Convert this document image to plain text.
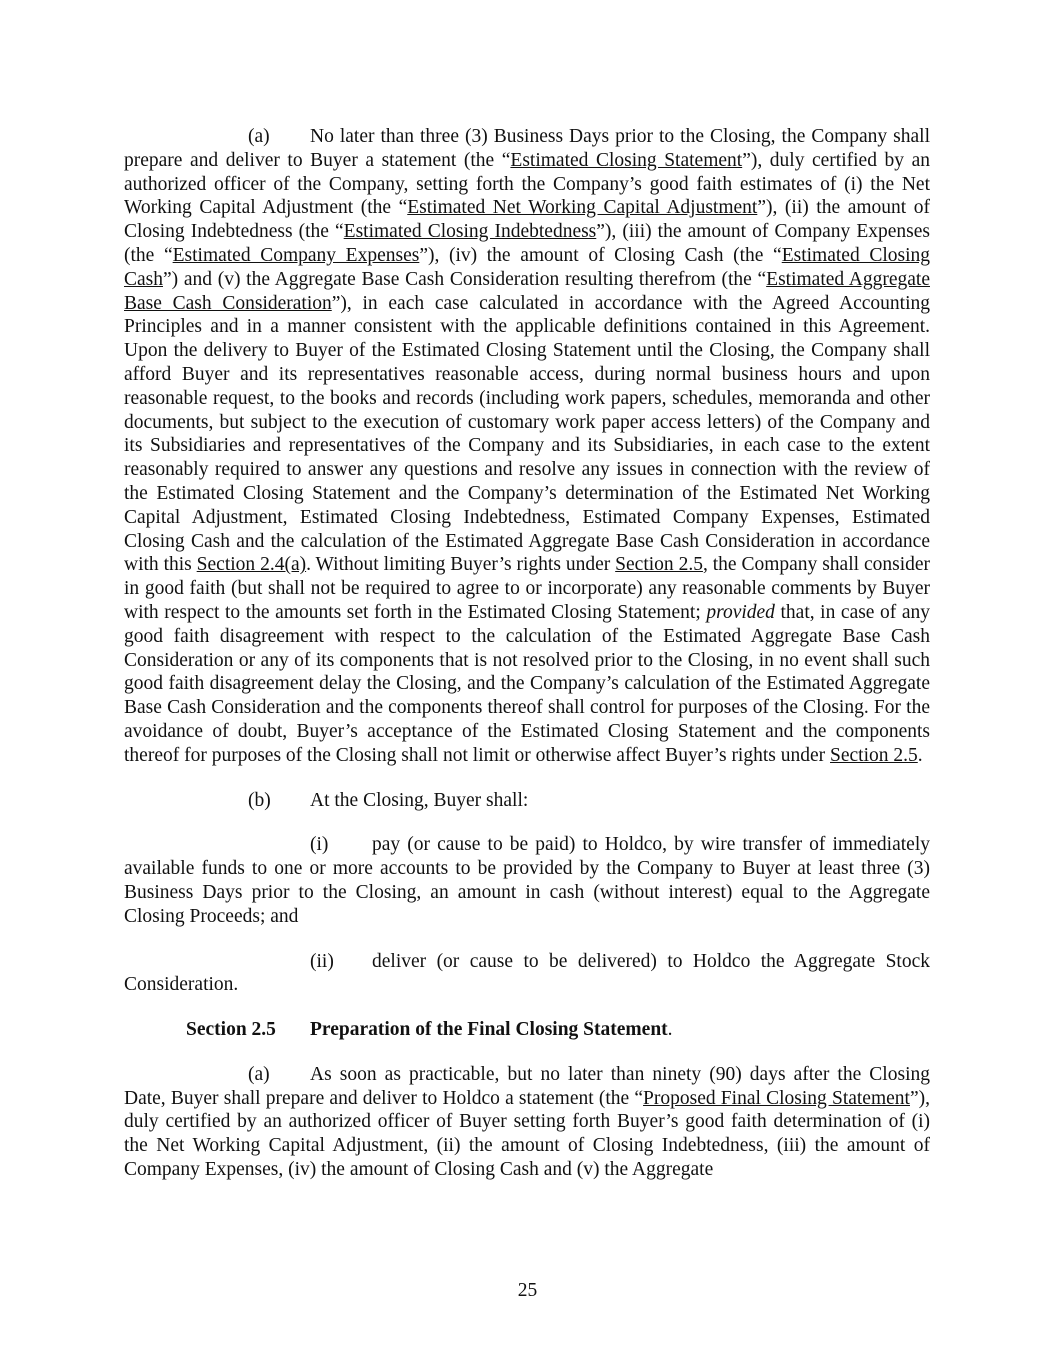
(a) No later than three (3) Business Days prior to the Closing, the Company shall prepare and deliver to Buyer a statement (the “Estimated Closing Statement”), duly certified by an authorized officer of the Company, setting forth the Company’s good faith estimates of (i) the Net Working Capital Adjustment (the “Estimated Net Working Capital Adjustment”), (ii) the amount of Closing Indebtedness (the “Estimated Closing Indebtedness”), (iii) the amount of Company Expenses (the “Estimated Company Expenses”), (iv) the amount of Closing Cash (the “Estimated Closing Cash”) and (v) the Aggregate Base Cash Consideration resulting therefrom (the “Estimated Aggregate Base Cash Consideration”), in each case calculated in accordance with the Agreed Accounting Principles and in a manner consistent with the applicable definitions contained in this Agreement. Upon the delivery to Buyer of the Estimated Closing Statement until the Closing, the Company shall afford Buyer and its representatives reasonable access, during normal business hours and upon reasonable request, to the books and records (including work papers, schedules, memoranda and other documents, but subject to the execution of customary work paper access letters) of the Company and its Subsidiaries and representatives of the Company and its Subsidiaries, in each case to the extent reasonably required to answer any questions and resolve any issues in connection with the review of the Estimated Closing Statement and the Company’s determination of the Estimated Net Working Capital Adjustment, Estimated Closing Indebtedness, Estimated Company Expenses, Estimated Closing Cash and the calculation of the Estimated Aggregate Base Cash Consideration in accordance with this Section 2.4(a). Without limiting Buyer’s rights under Section 2.5, the Company shall consider in good faith (but shall not be required to agree to or incorporate) any reasonable comments by Buyer with respect to the amounts set forth in the Estimated Closing Statement; provided that, in case of any good faith disagreement with respect to the calculation of the Estimated Aggregate Base Cash Consideration or any of its components that is not resolved prior to the Closing, in no event shall such good faith disagreement delay the Closing, and the Company’s calculation of the Estimated Aggregate Base Cash Consideration and the components thereof shall control for purposes of the Closing. For the avoidance of doubt, Buyer’s acceptance of the Estimated Closing Statement and the components thereof for purposes of the Closing shall not limit or otherwise affect Buyer’s rights under Section 2.5.

(b) At the Closing, Buyer shall:

(i) pay (or cause to be paid) to Holdco, by wire transfer of immediately available funds to one or more accounts to be provided by the Company to Buyer at least three (3) Business Days prior to the Closing, an amount in cash (without interest) equal to the Aggregate Closing Proceeds; and

(ii) deliver (or cause to be delivered) to Holdco the Aggregate Stock Consideration.

Section 2.5 Preparation of the Final Closing Statement.

(a) As soon as practicable, but no later than ninety (90) days after the Closing Date, Buyer shall prepare and deliver to Holdco a statement (the “Proposed Final Closing Statement”), duly certified by an authorized officer of Buyer setting forth Buyer’s good faith determination of (i) the Net Working Capital Adjustment, (ii) the amount of Closing Indebtedness, (iii) the amount of Company Expenses, (iv) the amount of Closing Cash and (v) the Aggregate

25
